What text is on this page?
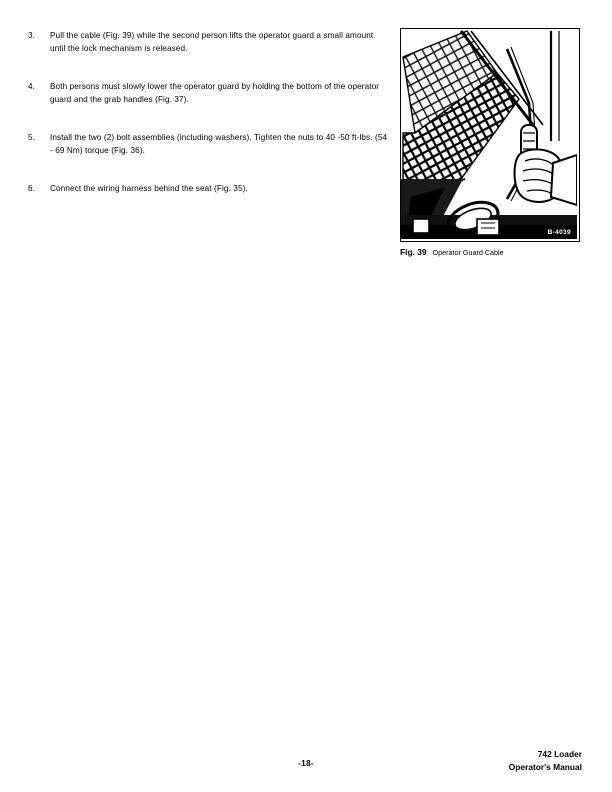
3.	Pull the cable (Fig. 39) while the second person lifts the operator guard a small amount until the lock mechanism is released.
4.	Both persons must slowly lower the operator guard by holding the bottom of the operator guard and the grab handles (Fig. 37).
5.	Install the two (2) bolt assemblies (including washers). Tighten the nuts to 40 -50 ft-lbs. (54 - 69 Nm) torque (Fig. 36).
6.	Connect the wiring harness behind the seat (Fig. 35).
B-4039
Fig. 39 Operator Guard Cable
-18-
742 Loader
Operator's Manual
